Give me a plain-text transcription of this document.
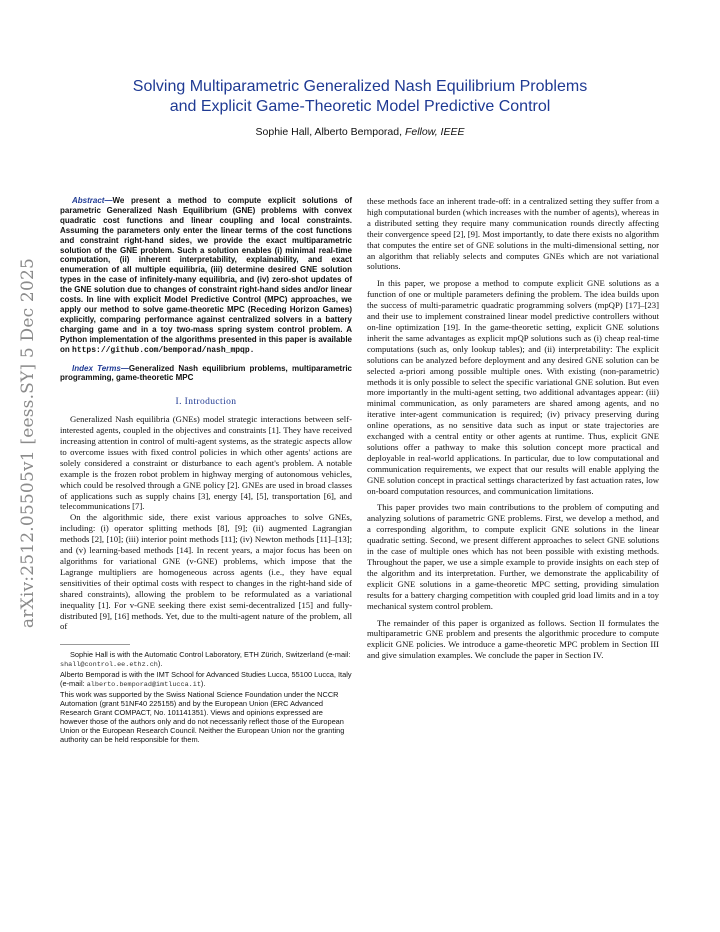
arXiv:2512.05505v1 [eess.SY] 5 Dec 2025
Solving Multiparametric Generalized Nash Equilibrium Problems
and Explicit Game-Theoretic Model Predictive Control
Sophie Hall, Alberto Bemporad, Fellow, IEEE

Abstract—We present a method to compute explicit solutions of parametric Generalized Nash Equilibrium (GNE) problems with convex quadratic cost functions and linear coupling and local constraints. Assuming the parameters only enter the linear terms of the cost functions and constraint right-hand sides, we provide the exact multiparametric solution of the GNE problem. Such a solution enables (i) minimal real-time computation, (ii) inherent interpretability, explainability, and exact enumeration of all multiple equilibria, (iii) determine desired GNE solution types in the case of infinitely-many equilibria, and (iv) zero-shot updates of the GNE solution due to changes of constraint right-hand sides and/or linear costs. In line with explicit Model Predictive Control (MPC) approaches, we apply our method to solve game-theoretic MPC (Receding Horizon Games) explicitly, comparing performance against centralized solvers in a battery charging game and in a toy two-mass spring system control problem. A Python implementation of the algorithms presented in this paper is available on https://github.com/bemporad/nash_mpqp.

Index Terms—Generalized Nash equilibrium problems, multiparametric programming, game-theoretic MPC

I. Introduction

Generalized Nash equilibria (GNEs) model strategic interactions between self-interested agents, coupled in the objectives and constraints [1]. They have received increasing attention in control of multi-agent systems, as the strategic aspects allow to overcome issues with fixed control policies in which other agents' actions are solely considered a constraint or disturbance to each agent's problem. A notable example is the frozen robot problem in highway merging of autonomous vehicles, which could be resolved through a GNE policy [2]. GNEs are used in broad classes of applications such as supply chains [3], energy [4], [5], transportation [6], and telecommunications [7].

On the algorithmic side, there exist various approaches to solve GNEs, including: (i) operator splitting methods [8], [9]; (ii) augmented Lagrangian methods [2], [10]; (iii) interior point methods [11]; (iv) Newton methods [11]–[13]; and (v) learning-based methods [14]. In recent years, a major focus has been on algorithms for variational GNE (v-GNE) problems, which impose that the Lagrange multipliers are homogeneous across agents (i.e., they have equal sensitivities of their optimal costs with respect to changes in the right-hand side of shared constraints), allowing the problem to be reformulated as a variational inequality [1]. For v-GNE seeking there exist semi-decentralized [15] and fully-distributed [9], [16] methods. Yet, due to the multi-agent nature of the problem, all of

Sophie Hall is with the Automatic Control Laboratory, ETH Zürich, Switzerland (e-mail: shall@control.ee.ethz.ch).

Alberto Bemporad is with the IMT School for Advanced Studies Lucca, 55100 Lucca, Italy (e-mail: alberto.bemporad@imtlucca.it).

This work was supported by the Swiss National Science Foundation under the NCCR Automation (grant 51NF40 225155) and by the European Union (ERC Advanced Research Grant COMPACT, No. 101141351). Views and opinions expressed are however those of the authors only and do not necessarily reflect those of the European Union or the European Research Council. Neither the European Union nor the granting authority can be held responsible for them.

these methods face an inherent trade-off: in a centralized setting they suffer from a high computational burden (which increases with the number of agents), whereas in a distributed setting they require many communication rounds directly affecting their convergence speed [2], [9]. Most importantly, to date there exists no algorithm that computes the entire set of GNE solutions in the multi-dimensional setting, nor an algorithm that reliably selects and computes GNEs which are not variational solutions.

In this paper, we propose a method to compute explicit GNE solutions as a function of one or multiple parameters defining the problem. The idea builds upon the success of multi-parametric quadratic programming solvers (mpQP) [17]–[23] and their use to implement constrained linear model predictive controllers without on-line optimization [19]. In the game-theoretic setting, explicit GNE solutions inherit the same advantages as explicit mpQP solutions such as (i) cheap real-time computations (such as, only lookup tables); and (ii) interpretability: The explicit solutions can be analyzed before deployment and any desired GNE solution can be selected a-priori among possible multiple ones. With existing (non-parametric) methods it is only possible to select the specific variational GNE solution. But even more importantly in the multi-agent setting, two additional advantages appear: (iii) minimal communication, as only parameters are shared among agents, and no iterative inter-agent communication is required; (iv) privacy preserving during online operations, as no sensitive data such as input or state trajectories are exchanged with a central entity or other agents at runtime. Thus, explicit GNE solutions offer a pathway to make this solution concept more practical and deployable in real-world applications. In particular, due to low computational and communication requirements, we expect that our results will enable applying the GNE solution concept in practical settings characterized by fast actuation rates, low on-board computation resources, and communication limitations.

This paper provides two main contributions to the problem of computing and analyzing solutions of parametric GNE problems. First, we develop a method, and a corresponding algorithm, to compute explicit GNE solutions in the linear quadratic setting. Second, we present different approaches to select GNE solutions in the case of multiple ones which has not been possible with existing methods. Throughout the paper, we use a simple example to provide insights on each step of the algorithm and its interpretation. Further, we demonstrate the applicability of explicit GNE solutions in a game-theoretic MPC setting, providing simulation results for a battery charging competition with coupled grid load limits and in a toy mechanical system control problem.

The remainder of this paper is organized as follows. Section II formulates the multiparametric GNE problem and presents the algorithmic procedure to compute explicit GNE policies. We introduce a game-theoretic MPC problem in Section III and give simulation examples. We conclude the paper in Section IV.
